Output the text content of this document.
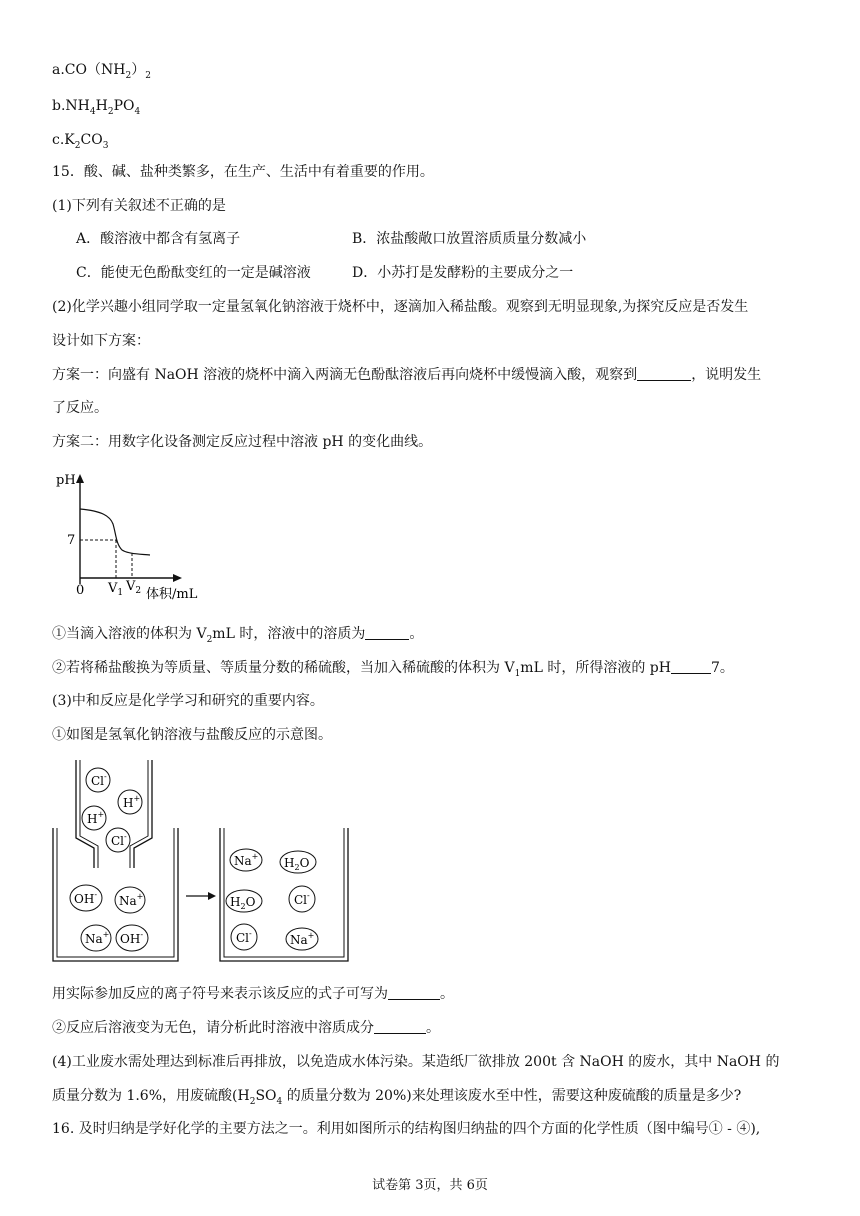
$a.CO(NH_2)_2$
$b.NH_4H_2PO_4$
$c.K_2CO_3$
15．酸、碱、盐种类繁多，在生产、生活中有着重要的作用。
(1)下列有关叙述不正确的是
A．酸溶液中都含有氢离子	B．浓盐酸敞口放置溶质质量分数减小
C．能使无色酚酞变红的一定是碱溶液	D．小苏打是发酵粉的主要成分之一
(2)化学兴趣小组同学取一定量氢氧化钠溶液于烧杯中，逐滴加入稀盐酸。观察到无明显现象,为探究反应是否发生
设计如下方案：
方案一：向盛有 NaOH 溶液的烧杯中滴入两滴无色酚酞溶液后再向烧杯中缓慢滴入酸，观察到	，说明发生
了反应。
方案二：用数字化设备测定反应过程中溶液 pH 的变化曲线。
pH
7
0 $V_1$ $V_2$ 体积/mL
①当滴入溶液的体积为 $V_2mL$ 时，溶液中的溶质为	。
②若将稀盐酸换为等质量、等质量分数的稀硫酸，当加入稀硫酸的体积为 $V_1mL$ 时，所得溶液的 pH	7。
(3)中和反应是化学学习和研究的重要内容。
①如图是氢氧化钠溶液与盐酸反应的示意图。
Cl-
H+
H+
Cl-
OH- Na+
Na+ OH-
Na+ $H_2O$
$H_2O$	Cl-
Cl-	Na+
用实际参加反应的离子符号来表示该反应的式子可写为	。
②反应后溶液变为无色，请分析此时溶液中溶质成分	。
(4)工业废水需处理达到标准后再排放，以免造成水体污染。某造纸厂欲排放 200t 含 NaOH 的废水，其中 NaOH 的
质量分数为 1.6%，用废硫酸($H_2SO_4$ 的质量分数为 20%)来处理该废水至中性，需要这种废硫酸的质量是多少?
16. 及时归纳是学好化学的主要方法之一。利用如图所示的结构图归纳盐的四个方面的化学性质（图中编号① - ④),
试卷第 3页，共 6页
